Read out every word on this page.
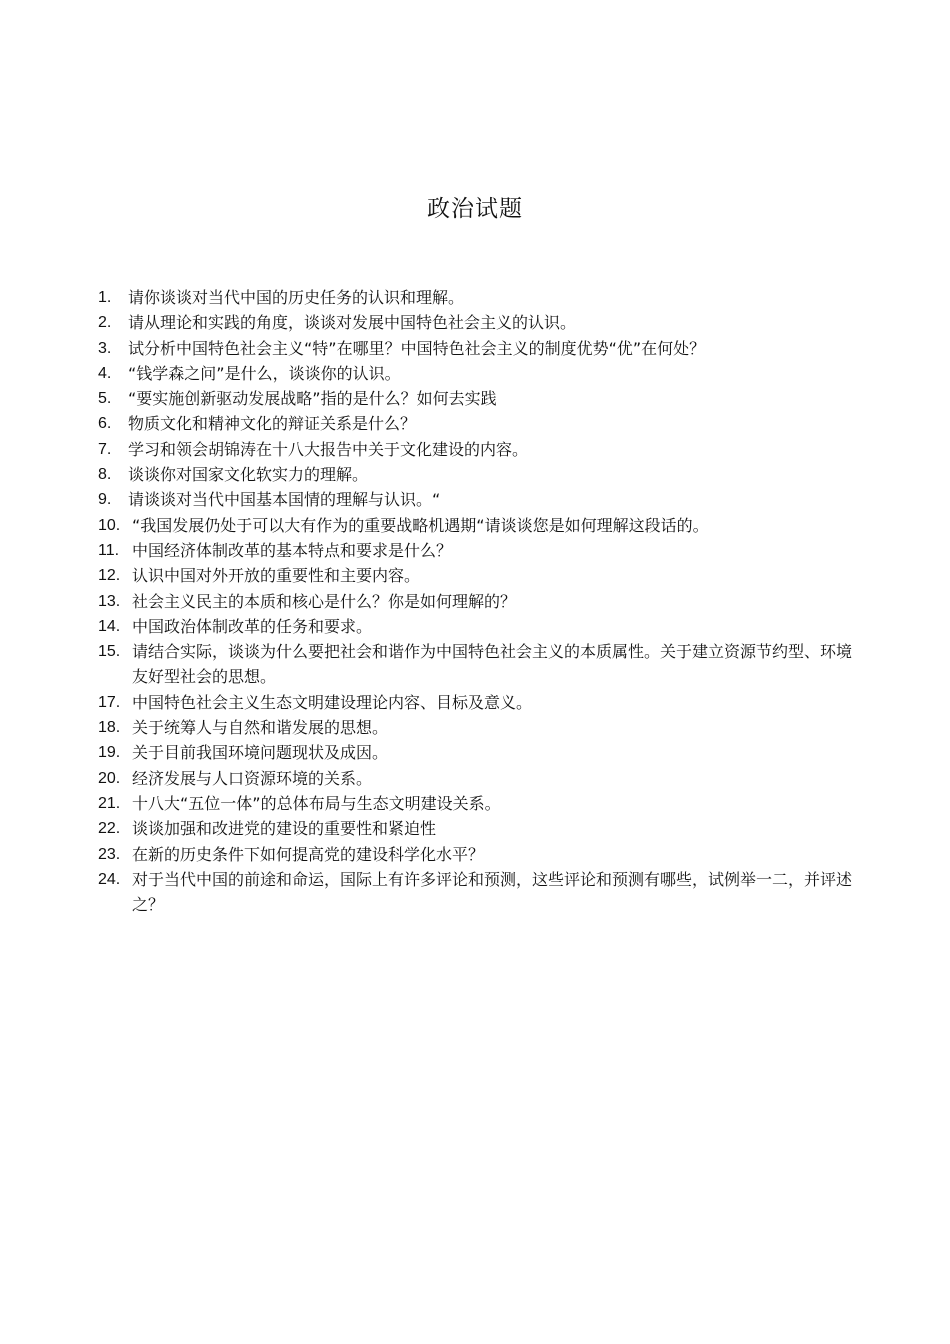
政治试题
1.	请你谈谈对当代中国的历史任务的认识和理解。
2.	请从理论和实践的角度，谈谈对发展中国特色社会主义的认识。
3.	试分析中国特色社会主义“特”在哪里？中国特色社会主义的制度优势“优”在何处？
4.	“钱学森之问”是什么，谈谈你的认识。
5.	“要实施创新驱动发展战略”指的是什么？如何去实践
6.	物质文化和精神文化的辩证关系是什么？
7.	学习和领会胡锦涛在十八大报告中关于文化建设的内容。
8.	谈谈你对国家文化软实力的理解。
9.	请谈谈对当代中国基本国情的理解与认识。“
10. “我国发展仍处于可以大有作为的重要战略机遇期“请谈谈您是如何理解这段话的。
11. 中国经济体制改革的基本特点和要求是什么？
12. 认识中国对外开放的重要性和主要内容。
13. 社会主义民主的本质和核心是什么？你是如何理解的？
14. 中国政治体制改革的任务和要求。
15. 请结合实际，谈谈为什么要把社会和谐作为中国特色社会主义的本质属性。关于建立资源节约型、环境友好型社会的思想。
17. 中国特色社会主义生态文明建设理论内容、目标及意义。
18. 关于统筹人与自然和谐发展的思想。
19. 关于目前我国环境问题现状及成因。
20. 经济发展与人口资源环境的关系。
21. 十八大“五位一体”的总体布局与生态文明建设关系。
22. 谈谈加强和改进党的建设的重要性和紧迫性
23. 在新的历史条件下如何提高党的建设科学化水平？
24. 对于当代中国的前途和命运，国际上有许多评论和预测，这些评论和预测有哪些，试例举一二，并评述之？
